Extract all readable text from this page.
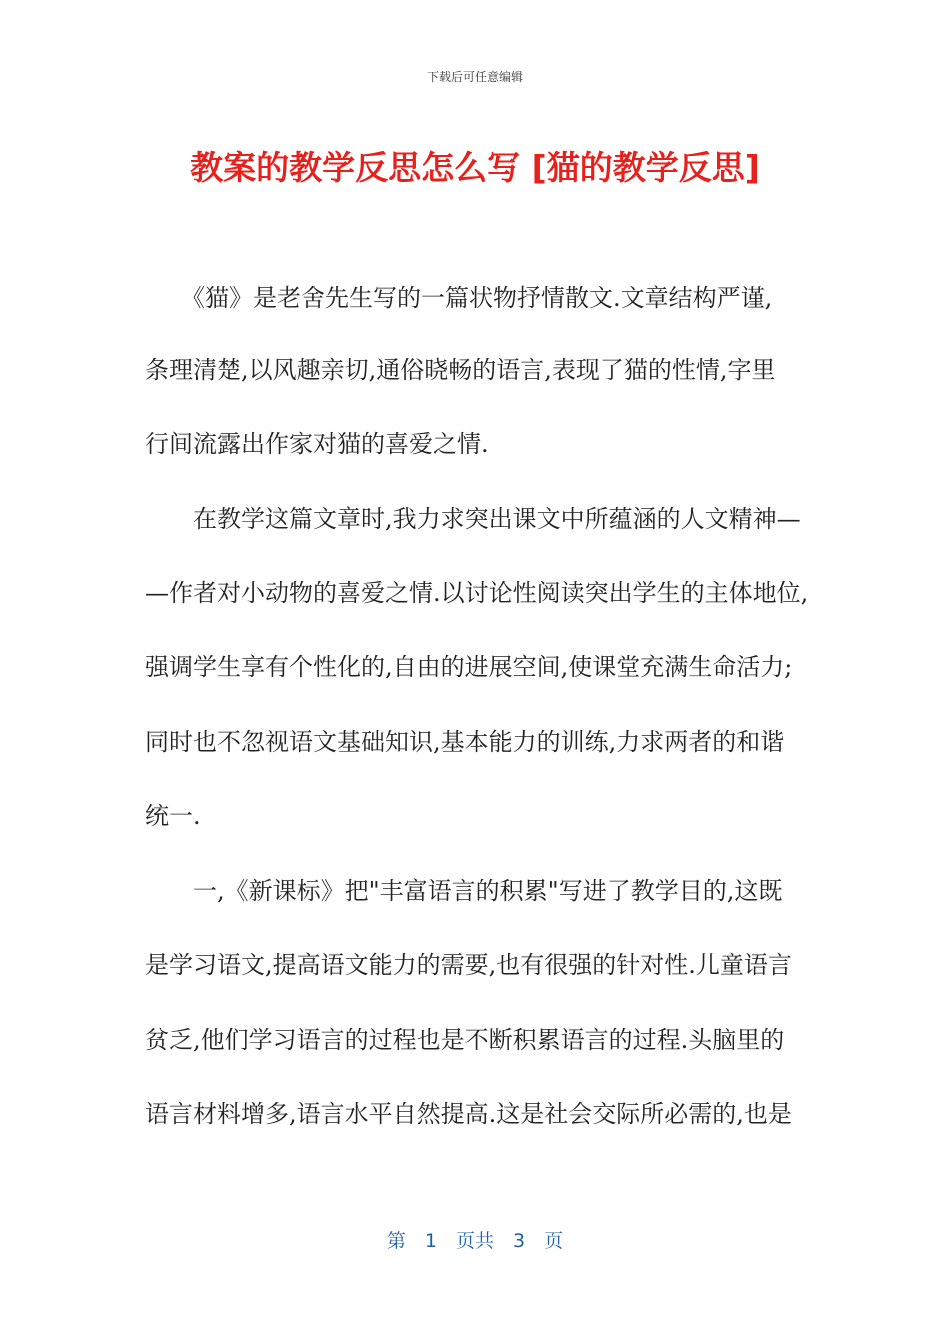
下载后可任意编辑
教案的教学反思怎么写 [猫的教学反思]
　　《猫》是老舍先生写的一篇状物抒情散文.文章结构严谨,
条理清楚,以风趣亲切,通俗晓畅的语言,表现了猫的性情,字里
行间流露出作家对猫的喜爱之情.
　　在教学这篇文章时,我力求突出课文中所蕴涵的人文精神—
—作者对小动物的喜爱之情.以讨论性阅读突出学生的主体地位,
强调学生享有个性化的,自由的进展空间,使课堂充满生命活力;
同时也不忽视语文基础知识,基本能力的训练,力求两者的和谐
统一.
　　一,《新课标》把"丰富语言的积累"写进了教学目的,这既
是学习语文,提高语文能力的需要,也有很强的针对性.儿童语言
贫乏,他们学习语言的过程也是不断积累语言的过程.头脑里的
语言材料增多,语言水平自然提高.这是社会交际所必需的,也是
第　1　页共　3　页
